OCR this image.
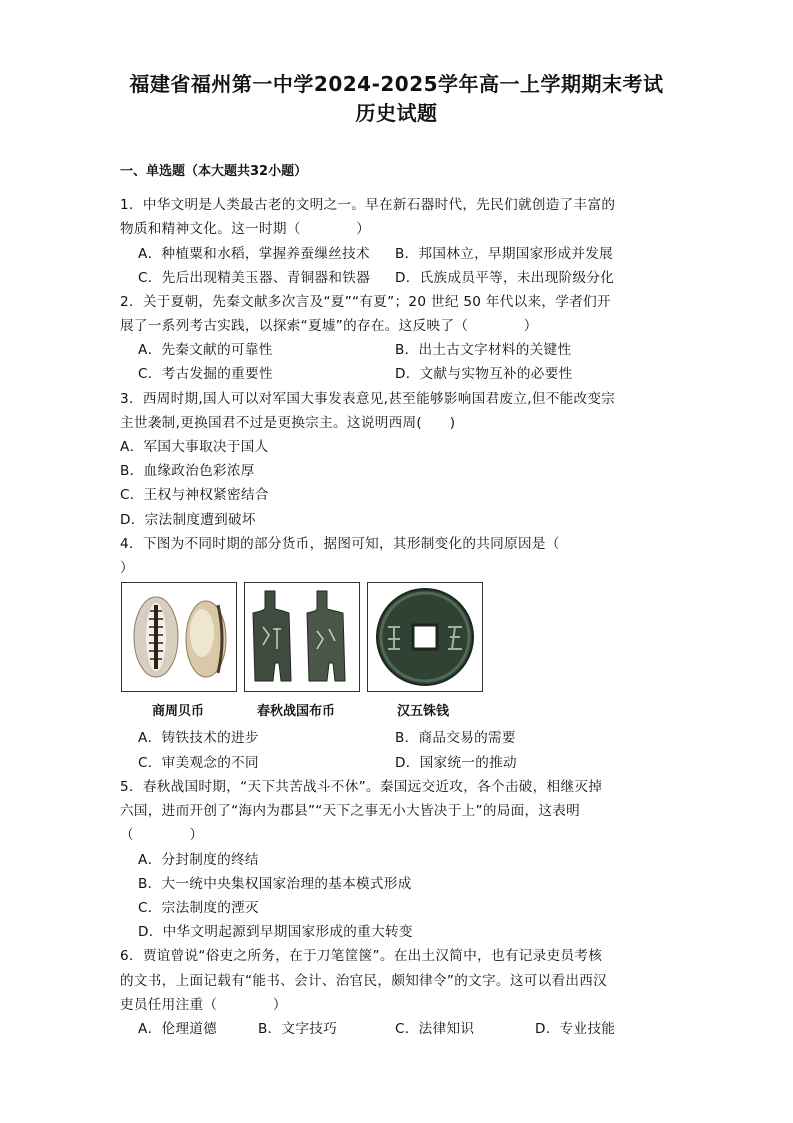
福建省福州第一中学2024-2025学年高一上学期期末考试
历史试题
一、单选题（本大题共32小题）
1．中华文明是人类最古老的文明之一。早在新石器时代，先民们就创造了丰富的
物质和精神文化。这一时期（　　　　）
A．种植粟和水稻，掌握养蚕缫丝技术 B．邦国林立，早期国家形成并发展
C．先后出现精美玉器、青铜器和铁器 D．氏族成员平等，未出现阶级分化
2．关于夏朝，先秦文献多次言及“夏”“有夏”；20 世纪 50 年代以来，学者们开
展了一系列考古实践，以探索“夏墟”的存在。这反映了（　　　　）
A．先秦文献的可靠性	B．出土古文字材料的关键性
C．考古发掘的重要性	D．文献与实物互补的必要性
3．西周时期,国人可以对军国大事发表意见,甚至能够影响国君废立,但不能改变宗
主世袭制,更换国君不过是更换宗主。这说明西周(　　)
A．军国大事取决于国人
B．血缘政治色彩浓厚
C．王权与神权紧密结合
D．宗法制度遭到破坏
4．下图为不同时期的部分货币，据图可知，其形制变化的共同原因是（
）
商周贝币	春秋战国布币	汉五铢钱
A．铸铁技术的进步	B．商品交易的需要
C．审美观念的不同	D．国家统一的推动
5．春秋战国时期，“天下共苦战斗不休”。秦国远交近攻，各个击破，相继灭掉
六国，进而开创了“海内为郡县”“天下之事无小大皆决于上”的局面，这表明
（　　　　）
A．分封制度的终结
B．大一统中央集权国家治理的基本模式形成
C．宗法制度的湮灭
D．中华文明起源到早期国家形成的重大转变
6．贾谊曾说“俗吏之所务，在于刀笔筐箧”。在出土汉简中，也有记录吏员考核
的文书，上面记载有“能书、会计、治官民，颇知律令”的文字。这可以看出西汉
吏员任用注重（　　　　）
A．伦理道德	B．文字技巧	C．法律知识	D．专业技能
